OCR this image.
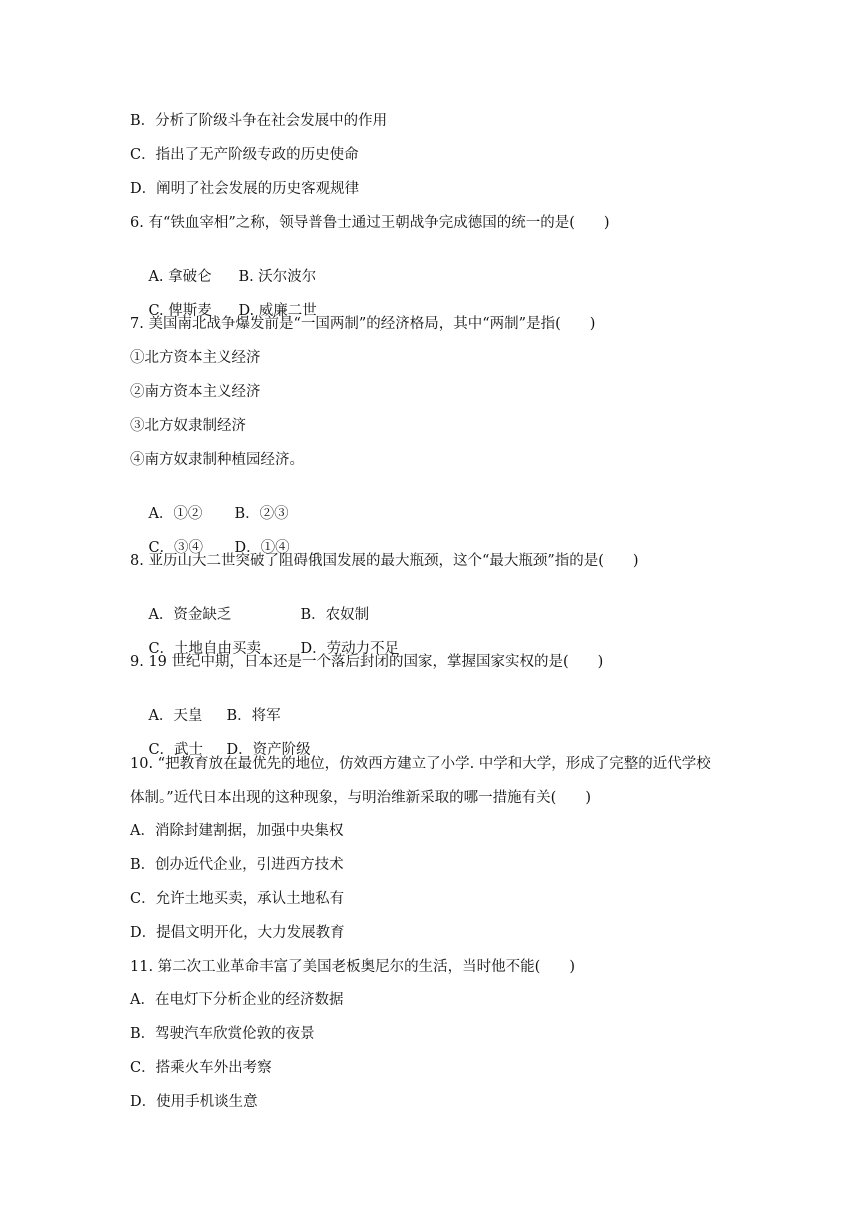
B．分析了阶级斗争在社会发展中的作用
C．指出了无产阶级专政的历史使命
D．阐明了社会发展的历史客观规律
6. 有“铁血宰相”之称，领导普鲁士通过王朝战争完成德国的统一的是(　　)

A. 拿破仑 B. 沃尔波尔

C. 俾斯麦 D. 威廉二世

7. 美国南北战争爆发前是“一国两制”的经济格局，其中“两制”是指(　　)
①北方资本主义经济
②南方资本主义经济
③北方奴隶制经济
④南方奴隶制种植园经济。

A．①② B．②③

C．③④ D．①④

8. 亚历山大二世突破了阻碍俄国发展的最大瓶颈，这个“最大瓶颈”指的是(　　)

A．资金缺乏	B．农奴制

C．土地自由买卖	D．劳动力不足

9. 19 世纪中期，日本还是一个落后封闭的国家，掌握国家实权的是(　　)

A．天皇 B．将军

C．武士 D．资产阶级

10. “把教育放在最优先的地位，仿效西方建立了小学. 中学和大学，形成了完整的近代学校
体制。”近代日本出现的这种现象，与明治维新采取的哪一措施有关(　　)
A．消除封建割据，加强中央集权
B．创办近代企业，引进西方技术
C．允许土地买卖，承认土地私有
D．提倡文明开化，大力发展教育
11. 第二次工业革命丰富了美国老板奥尼尔的生活，当时他不能(　　)
A．在电灯下分析企业的经济数据
B．驾驶汽车欣赏伦敦的夜景
C．搭乘火车外出考察
D．使用手机谈生意
